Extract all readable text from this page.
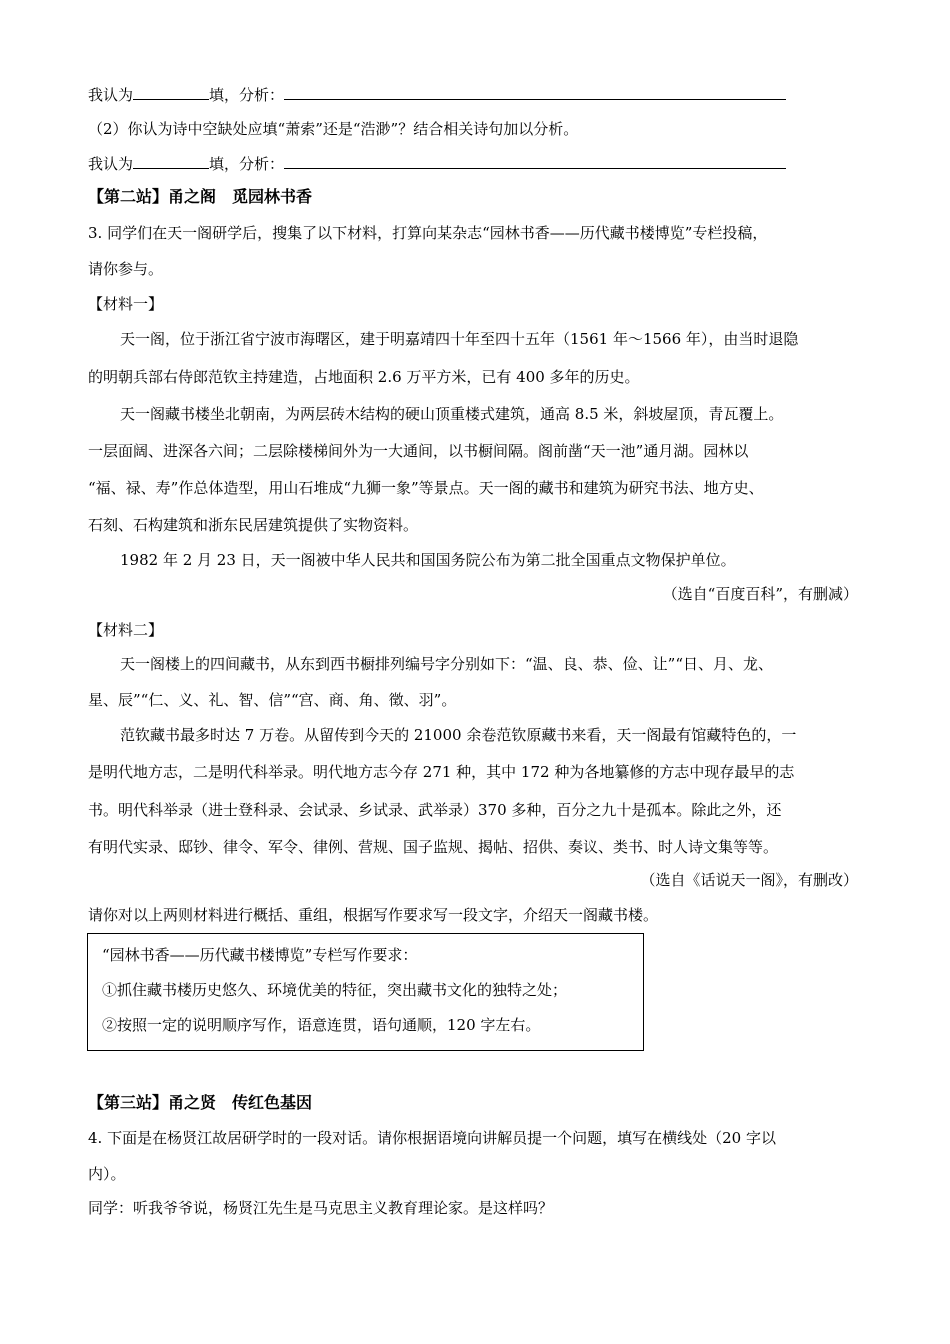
我认为	填，分析：
（2）你认为诗中空缺处应填“萧索”还是“浩渺”？结合相关诗句加以分析。
我认为	填，分析：
【第二站】甬之阁　觅园林书香
3. 同学们在天一阁研学后，搜集了以下材料，打算向某杂志“园林书香——历代藏书楼博览”专栏投稿，
请你参与。
【材料一】
天一阁，位于浙江省宁波市海曙区，建于明嘉靖四十年至四十五年（1561 年～1566 年），由当时退隐
的明朝兵部右侍郎范钦主持建造，占地面积 2.6 万平方米，已有 400 多年的历史。
天一阁藏书楼坐北朝南，为两层砖木结构的硬山顶重楼式建筑，通高 8.5 米，斜坡屋顶，青瓦覆上。
一层面阔、进深各六间；二层除楼梯间外为一大通间，以书橱间隔。阁前凿“天一池”通月湖。园林以
“福、禄、寿”作总体造型，用山石堆成“九狮一象”等景点。天一阁的藏书和建筑为研究书法、地方史、
石刻、石构建筑和浙东民居建筑提供了实物资料。
1982 年 2 月 23 日，天一阁被中华人民共和国国务院公布为第二批全国重点文物保护单位。
（选自“百度百科”，有删减）
【材料二】
天一阁楼上的四间藏书，从东到西书橱排列编号字分别如下：“温、良、恭、俭、让”“日、月、龙、
星、辰”“仁、义、礼、智、信”“宫、商、角、徵、羽”。
范钦藏书最多时达 7 万卷。从留传到今天的 21000 余卷范钦原藏书来看，天一阁最有馆藏特色的，一
是明代地方志，二是明代科举录。明代地方志今存 271 种，其中 172 种为各地纂修的方志中现存最早的志
书。明代科举录（进士登科录、会试录、乡试录、武举录）370 多种，百分之九十是孤本。除此之外，还
有明代实录、邸钞、律令、军令、律例、营规、国子监规、揭帖、招供、奏议、类书、时人诗文集等等。
（选自《话说天一阁》，有删改）
请你对以上两则材料进行概括、重组，根据写作要求写一段文字，介绍天一阁藏书楼。
“园林书香——历代藏书楼博览”专栏写作要求：
①抓住藏书楼历史悠久、环境优美的特征，突出藏书文化的独特之处；
②按照一定的说明顺序写作，语意连贯，语句通顺，120 字左右。
【第三站】甬之贤　传红色基因
4. 下面是在杨贤江故居研学时的一段对话。请你根据语境向讲解员提一个问题，填写在横线处（20 字以
内）。
同学：听我爷爷说，杨贤江先生是马克思主义教育理论家。是这样吗？
